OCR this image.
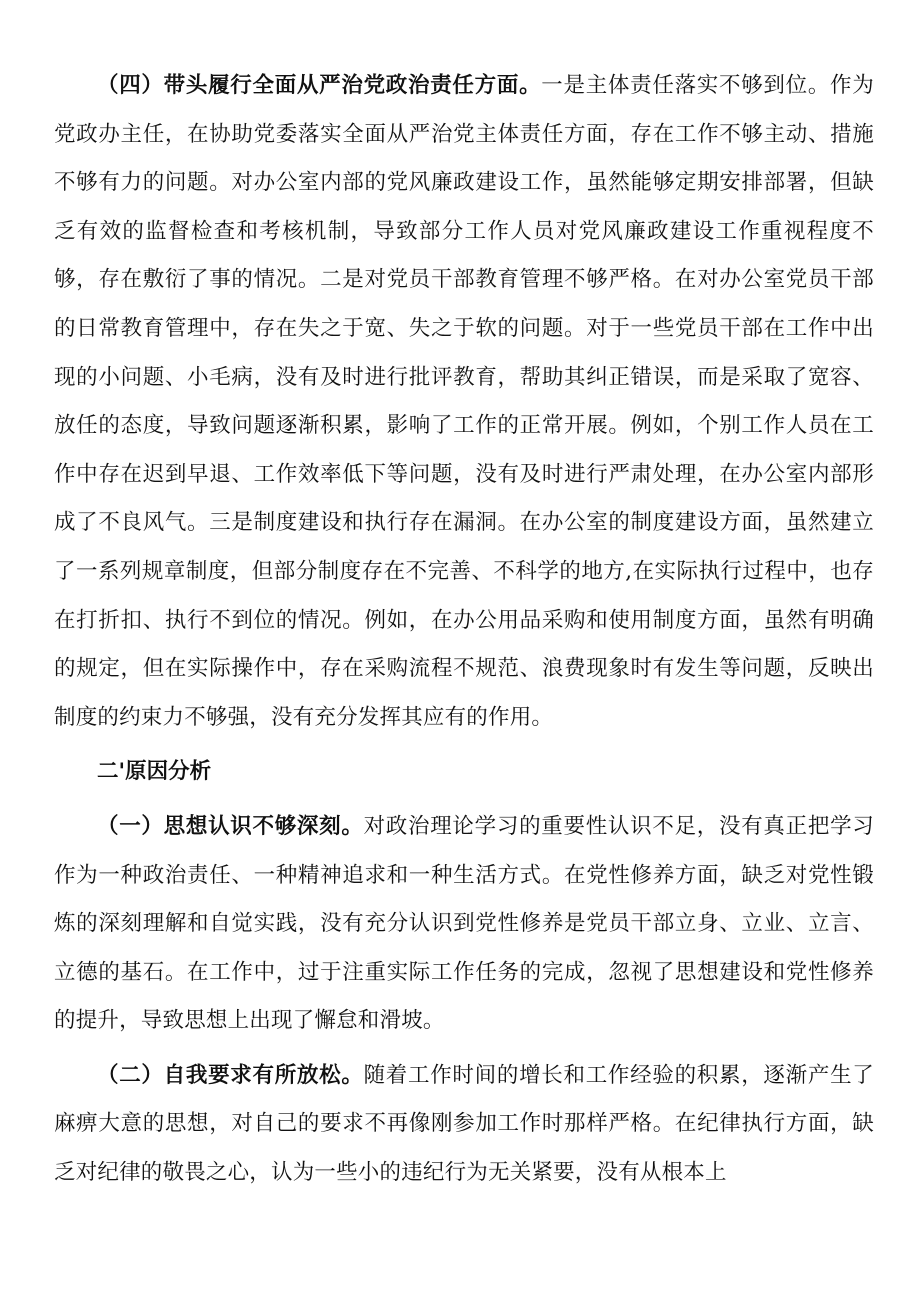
（四）带头履行全面从严治党政治责任方面。一是主体责任落实不够到位。作为党政办主任，在协助党委落实全面从严治党主体责任方面，存在工作不够主动、措施不够有力的问题。对办公室内部的党风廉政建设工作，虽然能够定期安排部署，但缺乏有效的监督检查和考核机制，导致部分工作人员对党风廉政建设工作重视程度不够，存在敷衍了事的情况。二是对党员干部教育管理不够严格。在对办公室党员干部的日常教育管理中，存在失之于宽、失之于软的问题。对于一些党员干部在工作中出现的小问题、小毛病，没有及时进行批评教育，帮助其纠正错误，而是采取了宽容、放任的态度，导致问题逐渐积累，影响了工作的正常开展。例如，个别工作人员在工作中存在迟到早退、工作效率低下等问题，没有及时进行严肃处理，在办公室内部形成了不良风气。三是制度建设和执行存在漏洞。在办公室的制度建设方面，虽然建立了一系列规章制度，但部分制度存在不完善、不科学的地方,在实际执行过程中，也存在打折扣、执行不到位的情况。例如，在办公用品采购和使用制度方面，虽然有明确的规定，但在实际操作中，存在采购流程不规范、浪费现象时有发生等问题，反映出制度的约束力不够强，没有充分发挥其应有的作用。

二'原因分析

（一）思想认识不够深刻。对政治理论学习的重要性认识不足，没有真正把学习作为一种政治责任、一种精神追求和一种生活方式。在党性修养方面，缺乏对党性锻炼的深刻理解和自觉实践，没有充分认识到党性修养是党员干部立身、立业、立言、立德的基石。在工作中，过于注重实际工作任务的完成，忽视了思想建设和党性修养的提升，导致思想上出现了懈怠和滑坡。

（二）自我要求有所放松。随着工作时间的增长和工作经验的积累，逐渐产生了麻痹大意的思想，对自己的要求不再像刚参加工作时那样严格。在纪律执行方面，缺乏对纪律的敬畏之心，认为一些小的违纪行为无关紧要，没有从根本上
